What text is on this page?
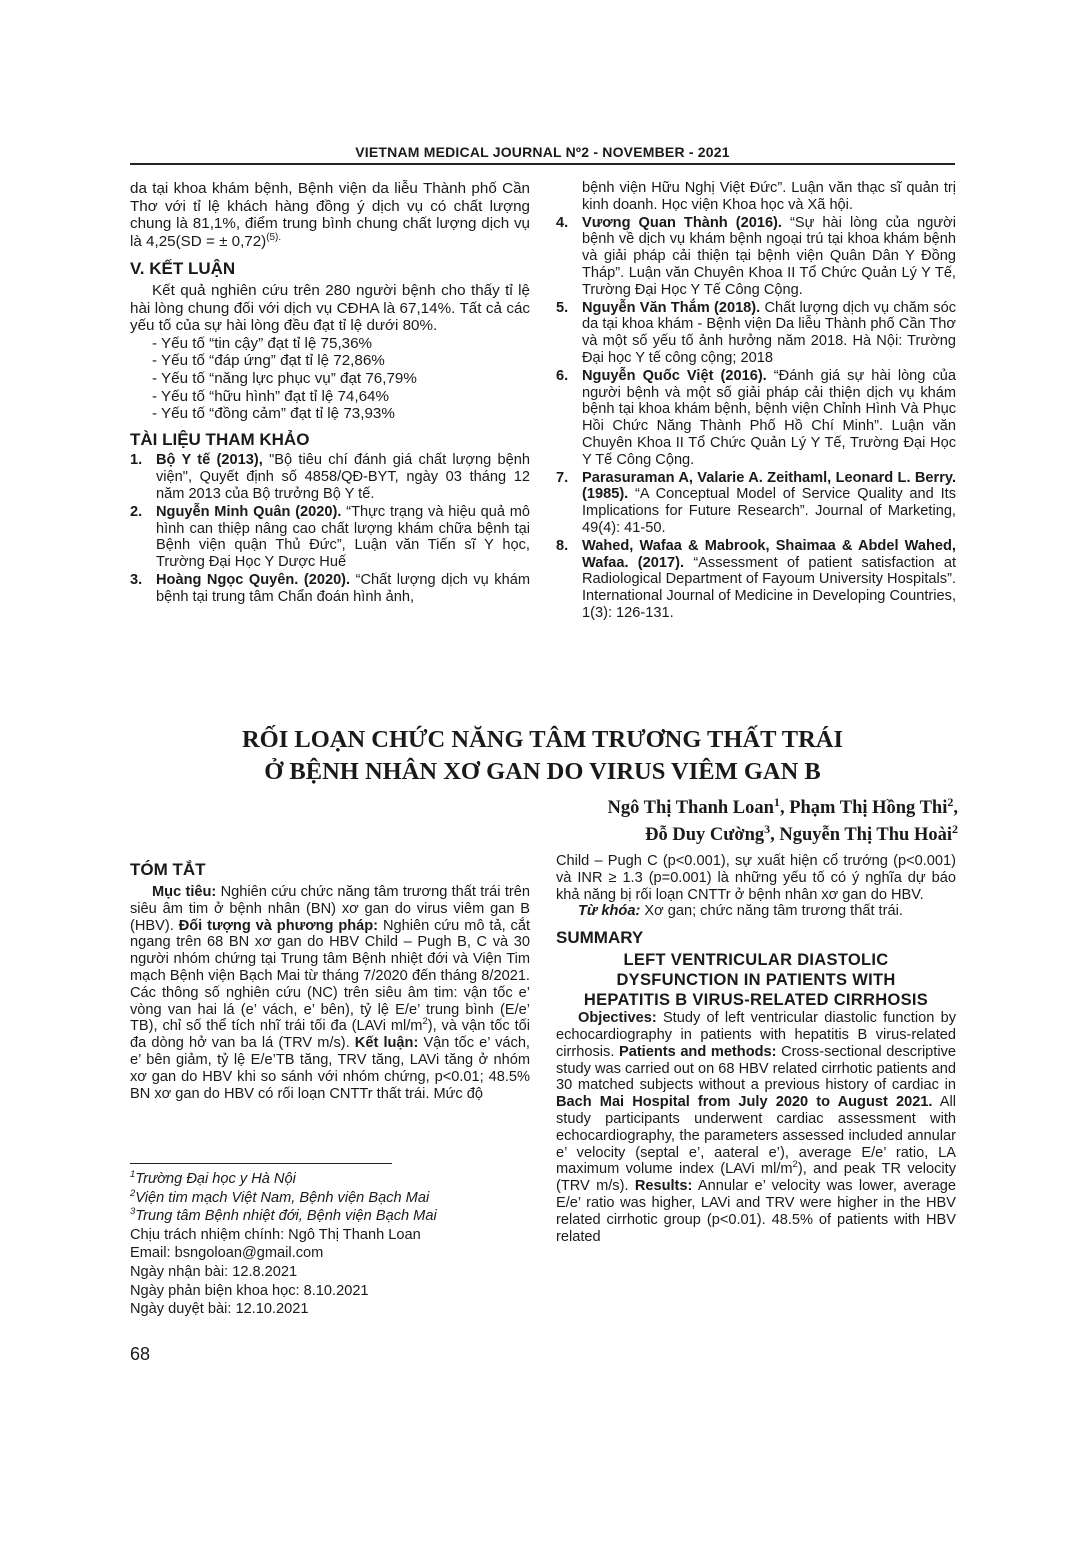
VIETNAM MEDICAL JOURNAL Nº2 - NOVEMBER - 2021

da tại khoa khám bệnh, Bệnh viện da liễu Thành phố Cần Thơ với tỉ lệ khách hàng đồng ý dịch vụ có chất lượng chung là 81,1%, điểm trung bình chung chất lượng dịch vụ là 4,25(SD = ± 0,72)$^{(5).}$

V. KẾT LUẬN

Kết quả nghiên cứu trên 280 người bệnh cho thấy tỉ lệ hài lòng chung đối với dịch vụ CĐHA là 67,14%. Tất cả các yếu tố của sự hài lòng đều đạt tỉ lệ dưới 80%.

- Yếu tố “tin cậy” đạt tỉ lệ 75,36%
- Yếu tố “đáp ứng” đạt tỉ lệ 72,86%
- Yếu tố “năng lực phục vụ” đạt 76,79%
- Yếu tố “hữu hình” đạt tỉ lệ 74,64%
- Yếu tố “đồng cảm” đạt tỉ lệ 73,93%
TÀI LIỆU THAM KHẢO
1. Bộ Y tế (2013), "Bộ tiêu chí đánh giá chất lượng bệnh viện", Quyết định số 4858/QĐ-BYT, ngày 03 tháng 12 năm 2013 của Bộ trưởng Bộ Y tế.
2. Nguyễn Minh Quân (2020). “Thực trạng và hiệu quả mô hình can thiệp nâng cao chất lượng khám chữa bệnh tại Bệnh viện quận Thủ Đức”, Luận văn Tiến sĩ Y học, Trường Đại Học Y Dược Huế
3. Hoàng Ngọc Quyên. (2020). “Chất lượng dịch vụ khám bệnh tại trung tâm Chẩn đoán hình ảnh,
bệnh viện Hữu Nghị Việt Đức”. Luận văn thạc sĩ quản trị kinh doanh. Học viện Khoa học và Xã hội.
4. Vương Quan Thành (2016). “Sự hài lòng của người bệnh về dịch vụ khám bệnh ngoại trú tại khoa khám bệnh và giải pháp cải thiện tại bệnh viện Quân Dân Y Đồng Tháp”. Luận văn Chuyên Khoa II Tổ Chức Quản Lý Y Tế, Trường Đại Học Y Tế Công Cộng.
5. Nguyễn Văn Thắm (2018). Chất lượng dịch vụ chăm sóc da tại khoa khám - Bệnh viện Da liễu Thành phố Cần Thơ và một số yếu tố ảnh hưởng năm 2018. Hà Nội: Trường Đại học Y tế công cộng; 2018
6. Nguyễn Quốc Việt (2016). “Đánh giá sự hài lòng của người bệnh và một số giải pháp cải thiện dịch vụ khám bệnh tại khoa khám bệnh, bệnh viện Chỉnh Hình Và Phục Hồi Chức Năng Thành Phố Hồ Chí Minh”. Luận văn Chuyên Khoa II Tổ Chức Quản Lý Y Tế, Trường Đại Học Y Tế Công Cộng.
7. Parasuraman A, Valarie A. Zeithaml, Leonard L. Berry. (1985). “A Conceptual Model of Service Quality and Its Implications for Future Research”. Journal of Marketing, 49(4): 41-50.
8. Wahed, Wafaa & Mabrook, Shaimaa & Abdel Wahed, Wafaa. (2017). “Assessment of patient satisfaction at Radiological Department of Fayoum University Hospitals”. International Journal of Medicine in Developing Countries, 1(3): 126-131.
RỐI LOẠN CHỨC NĂNG TÂM TRƯƠNG THẤT TRÁI
Ở BỆNH NHÂN XƠ GAN DO VIRUS VIÊM GAN B
Ngô Thị Thanh Loan$^1$, Phạm Thị Hồng Thi$^2$,
Đỗ Duy Cường$^3$, Nguyễn Thị Thu Hoài$^2$
TÓM TẮT

Mục tiêu: Nghiên cứu chức năng tâm trương thất trái trên siêu âm tim ở bệnh nhân (BN) xơ gan do virus viêm gan B (HBV). Đối tượng và phương pháp: Nghiên cứu mô tả, cắt ngang trên 68 BN xơ gan do HBV Child – Pugh B, C và 30 người nhóm chứng tại Trung tâm Bệnh nhiệt đới và Viện Tim mạch Bệnh viện Bạch Mai từ tháng 7/2020 đến tháng 8/2021. Các thông số nghiên cứu (NC) trên siêu âm tim: vận tốc e’ vòng van hai lá (e’ vách, e’ bên), tỷ lệ E/e’ trung bình (E/e’ TB), chỉ số thể tích nhĩ trái tối đa (LAVi $ml/m^2$), và vận tốc tối đa dòng hở van ba lá (TRV m/s). Kết luận: Vận tốc e’ vách, e’ bên giảm, tỷ lệ E/e’TB tăng, TRV tăng, LAVi tăng ở nhóm xơ gan do HBV khi so sánh với nhóm chứng, p<0.01; 48.5% BN xơ gan do HBV có rối loạn CNTTr thất trái. Mức độ

$^1$Trường Đại học y Hà Nội
$^2$Viện tim mạch Việt Nam, Bệnh viện Bạch Mai
$^3$Trung tâm Bệnh nhiệt đới, Bệnh viện Bạch Mai
Chịu trách nhiệm chính: Ngô Thị Thanh Loan
Email: bsngoloan@gmail.com
Ngày nhận bài: 12.8.2021
Ngày phản biện khoa học: 8.10.2021
Ngày duyệt bài: 12.10.2021
68

Child – Pugh C (p<0.001), sự xuất hiện cổ trướng (p<0.001) và INR ≥ 1.3 (p=0.001) là những yếu tố có ý nghĩa dự báo khả năng bị rối loạn CNTTr ở bệnh nhân xơ gan do HBV.

Từ khóa: Xơ gan; chức năng tâm trương thất trái.

SUMMARY
LEFT VENTRICULAR DIASTOLIC
DYSFUNCTION IN PATIENTS WITH
HEPATITIS B VIRUS-RELATED CIRRHOSIS

Objectives: Study of left ventricular diastolic function by echocardiography in patients with hepatitis B virus-related cirrhosis. Patients and methods: Cross-sectional descriptive study was carried out on 68 HBV related cirrhotic patients and 30 matched subjects without a previous history of cardiac in Bach Mai Hospital from July 2020 to August 2021. All study participants underwent cardiac assessment with echocardiography, the parameters assessed included annular e’ velocity (septal e’, aateral e’), average E/e’ ratio, LA maximum volume index (LAVi $ml/m^2$), and peak TR velocity (TRV m/s). Results: Annular e’ velocity was lower, average E/e’ ratio was higher, LAVi and TRV were higher in the HBV related cirrhotic group (p<0.01). 48.5% of patients with HBV related
